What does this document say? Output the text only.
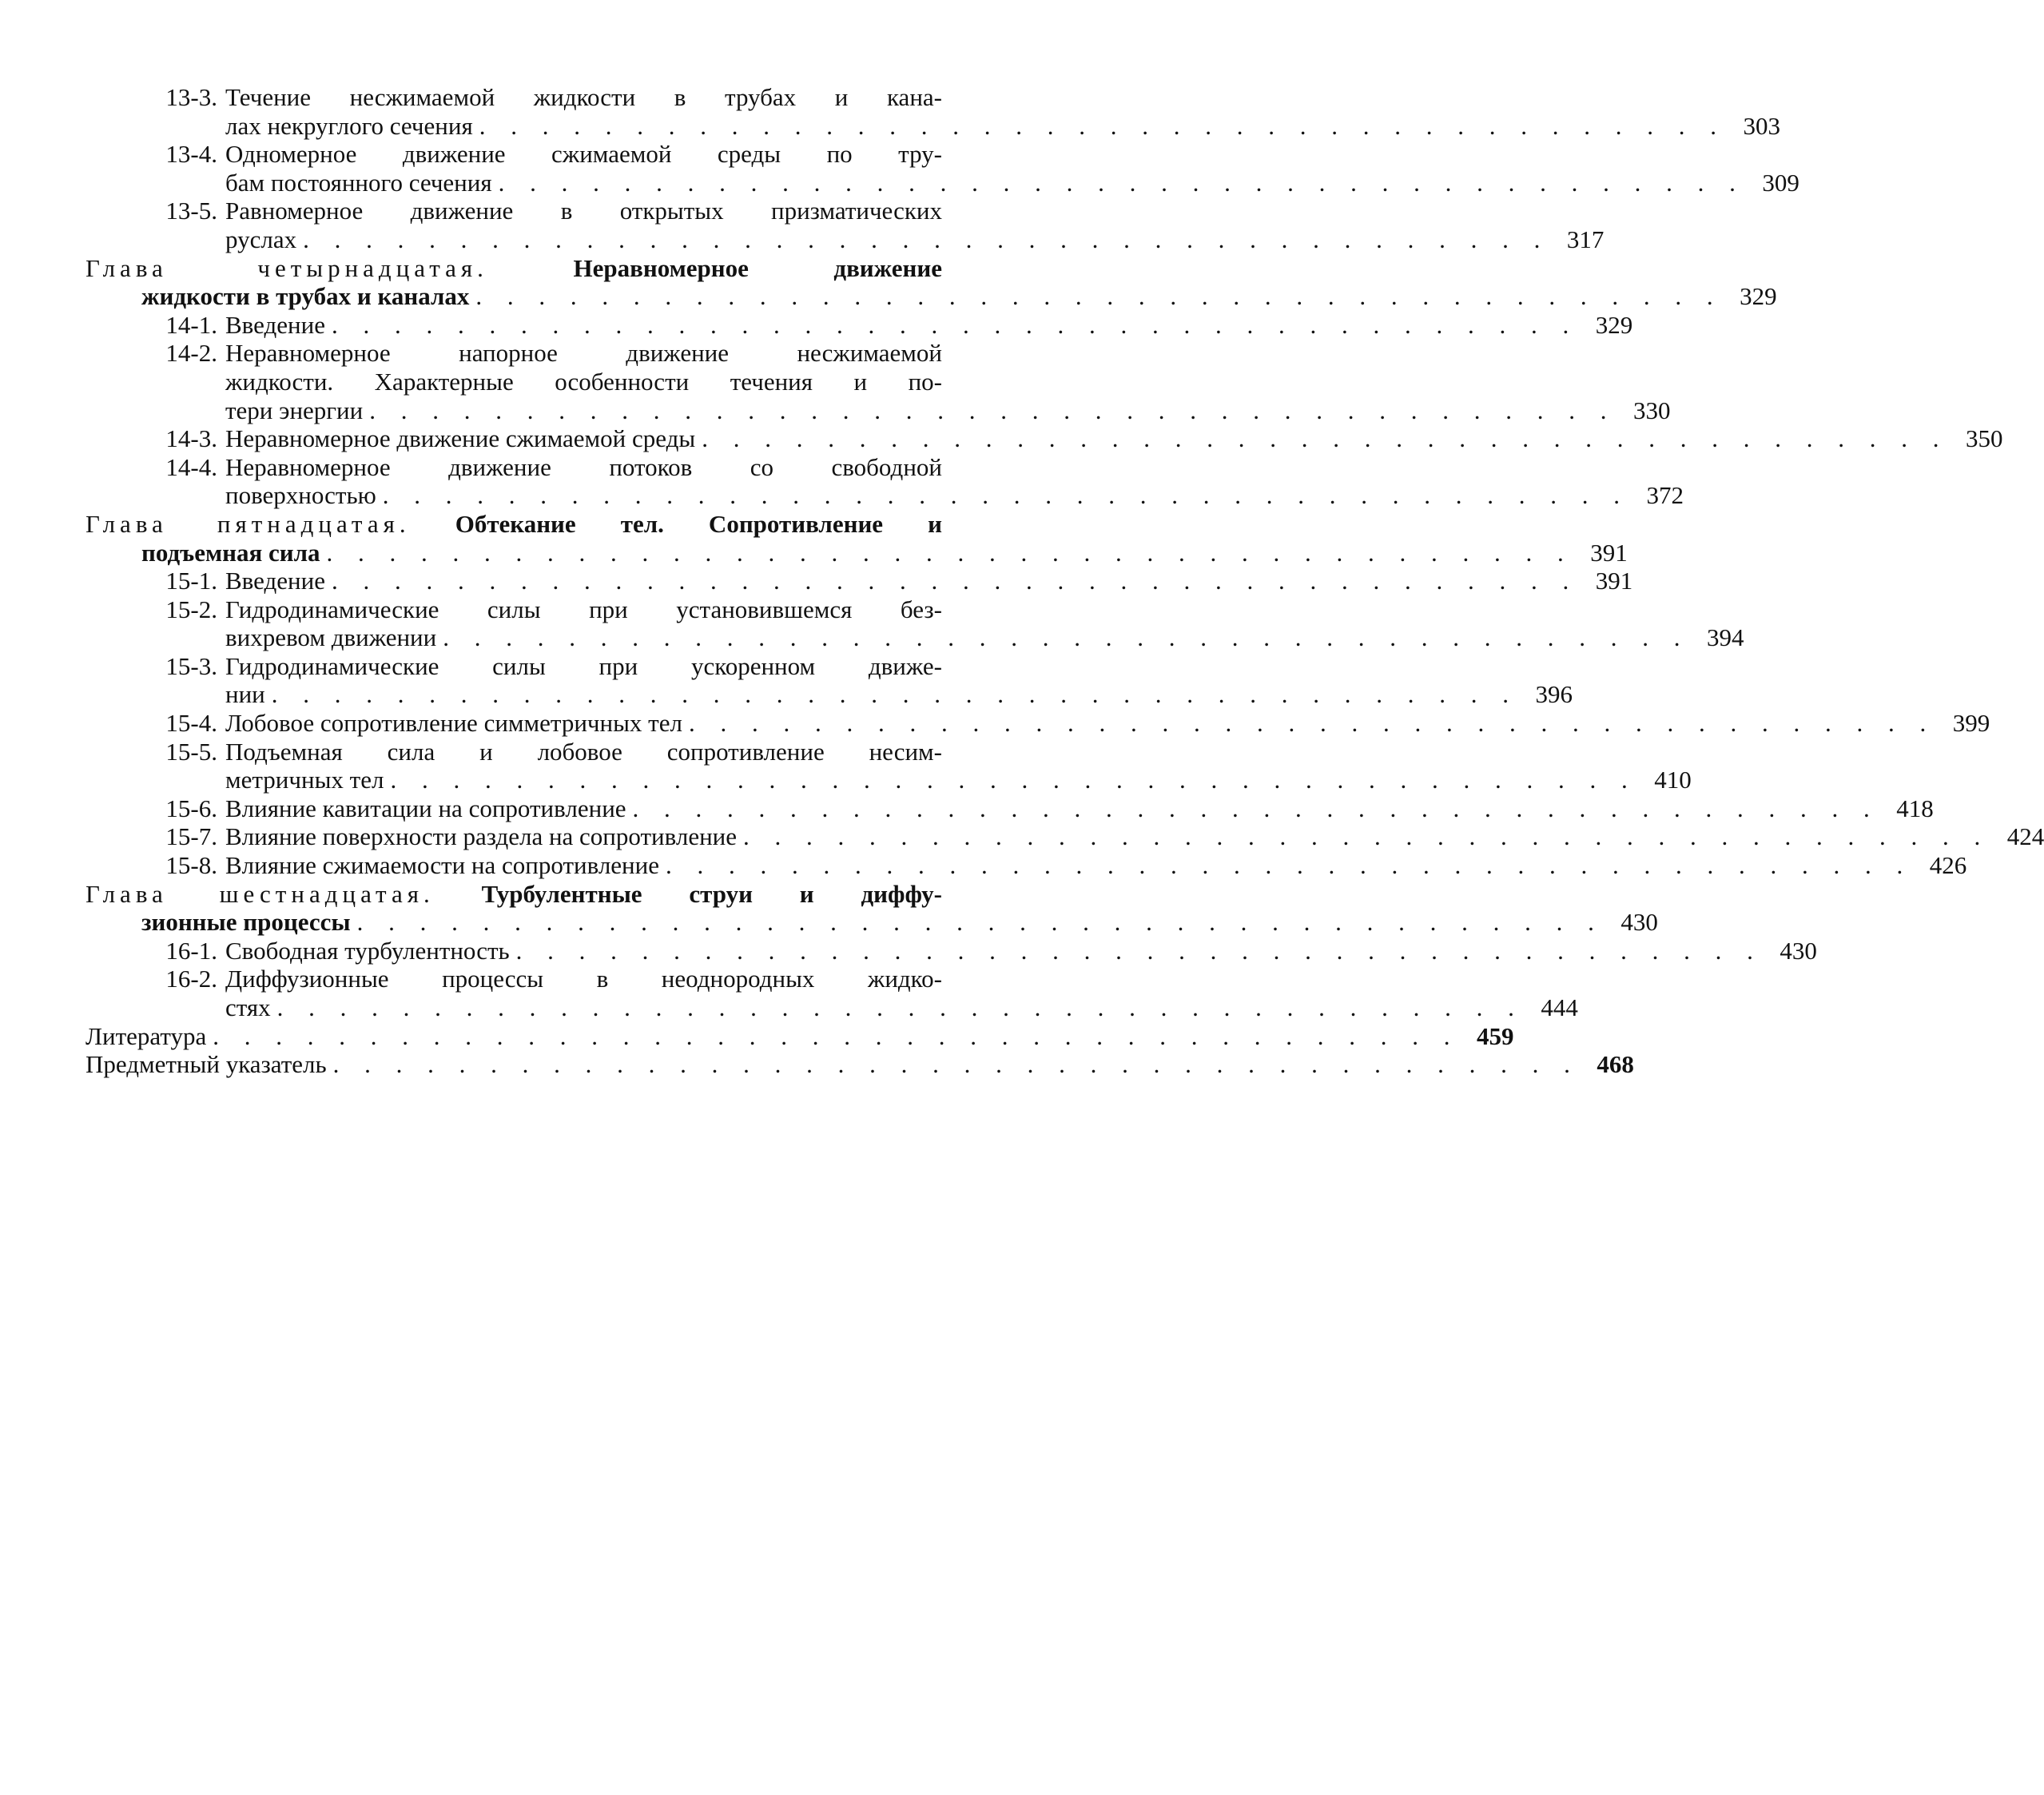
13-3. Течение несжимаемой жидкости в трубах и кана-
лах некруглого сечения . . . . . . . . . . . . . . . . . . . . . . . . . . . . . . . . . . . . . . . . 303
13-4. Одномерное движение сжимаемой среды по тру-
бам постоянного сечения . . . . . . . . . . . . . . . . . . . . . . . . . . . . . . . . . . . . . . . . 309
13-5. Равномерное движение в открытых призматических
руслах . . . . . . . . . . . . . . . . . . . . . . . . . . . . . . . . . . . . . . . . 317
Глава четырнадцатая.	Неравномерное движение
жидкости в трубах и каналах . . . . . . . . . . . . . . . . . . . . . . . . . . . . . . . . . . . . . . . . 329
14-1. Введение . . . . . . . . . . . . . . . . . . . . . . . . . . . . . . . . . . . . . . . . 329
14-2. Неравномерное напорное движение несжимаемой
жидкости. Характерные особенности течения и по-
тери энергии . . . . . . . . . . . . . . . . . . . . . . . . . . . . . . . . . . . . . . . . 330
14-3. Неравномерное движение сжимаемой среды . . . . . . . . . . . . . . . . . . . . . . . . . . . . . . . . . . . . . . . . 350
14-4. Неравномерное движение потоков со свободной
поверхностью . . . . . . . . . . . . . . . . . . . . . . . . . . . . . . . . . . . . . . . . 372
Глава пятнадцатая. Обтекание тел. Сопротивление и
подъемная сила . . . . . . . . . . . . . . . . . . . . . . . . . . . . . . . . . . . . . . . . 391
15-1. Введение . . . . . . . . . . . . . . . . . . . . . . . . . . . . . . . . . . . . . . . . 391
15-2. Гидродинамические силы при установившемся без-
вихревом движении . . . . . . . . . . . . . . . . . . . . . . . . . . . . . . . . . . . . . . . . 394
15-3. Гидродинамические силы при ускоренном движе-
нии . . . . . . . . . . . . . . . . . . . . . . . . . . . . . . . . . . . . . . . . 396
15-4. Лобовое сопротивление симметричных тел . . . . . . . . . . . . . . . . . . . . . . . . . . . . . . . . . . . . . . . . 399
15-5. Подъемная сила и лобовое сопротивление несим-
метричных тел . . . . . . . . . . . . . . . . . . . . . . . . . . . . . . . . . . . . . . . . 410
15-6. Влияние кавитации на сопротивление . . . . . . . . . . . . . . . . . . . . . . . . . . . . . . . . . . . . . . . . 418
15-7. Влияние поверхности раздела на сопротивление . . . . . . . . . . . . . . . . . . . . . . . . . . . . . . . . . . . . . . . . 424
15-8. Влияние сжимаемости на сопротивление . . . . . . . . . . . . . . . . . . . . . . . . . . . . . . . . . . . . . . . . 426
Глава шестнадцатая. Турбулентные струи и диффу-
зионные процессы . . . . . . . . . . . . . . . . . . . . . . . . . . . . . . . . . . . . . . . . 430
16-1. Свободная турбулентность . . . . . . . . . . . . . . . . . . . . . . . . . . . . . . . . . . . . . . . . 430
16-2. Диффузионные процессы в неоднородных жидко-
стях . . . . . . . . . . . . . . . . . . . . . . . . . . . . . . . . . . . . . . . . 444
Литература . . . . . . . . . . . . . . . . . . . . . . . . . . . . . . . . . . . . . . . . 459
Предметный указатель . . . . . . . . . . . . . . . . . . . . . . . . . . . . . . . . . . . . . . . . 468
